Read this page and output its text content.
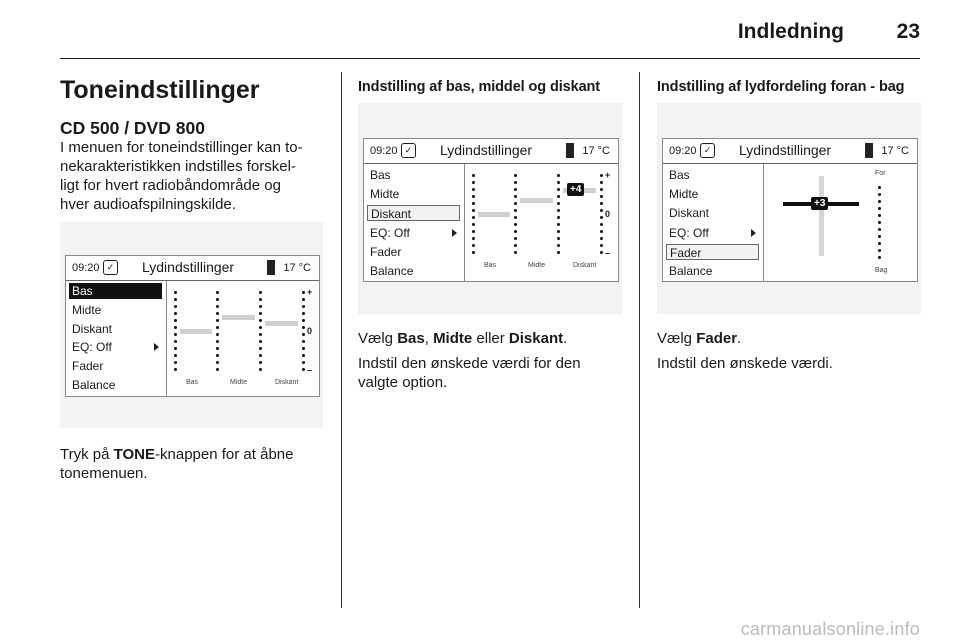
Indledning	23
Toneindstillinger
CD 500 / DVD 800
I menuen for toneindstillinger kan to-
nekarakteristikken indstilles forskel-
ligt for hvert radiobåndområde og
hver audioafspilningskilde.
09:20 ✓ Lydindstillinger	17 °C
Bas
Midte
Diskant
EQ: Off
Fader
Balance	Bas	Midte	Diskant
+
0
–
Tryk på TONE-knappen for at åbne
tonemenuen.
Indstilling af bas, middel og diskant
09:20 ✓ Lydindstillinger	17 °C
Bas
Midte
Diskant
EQ: Off
Fader
Balance	Bas	Midte	Diskant
+
0
–
+4
Vælg Bas, Midte eller Diskant.
Indstil den ønskede værdi for den
valgte option.
Indstilling af lydfordeling foran - bag
09:20 ✓ Lydindstillinger	17 °C
Bas
Midte
Diskant
EQ: Off
Fader
Balance
+3
For
Bag
Vælg Fader.
Indstil den ønskede værdi.
carmanualsonline.info
